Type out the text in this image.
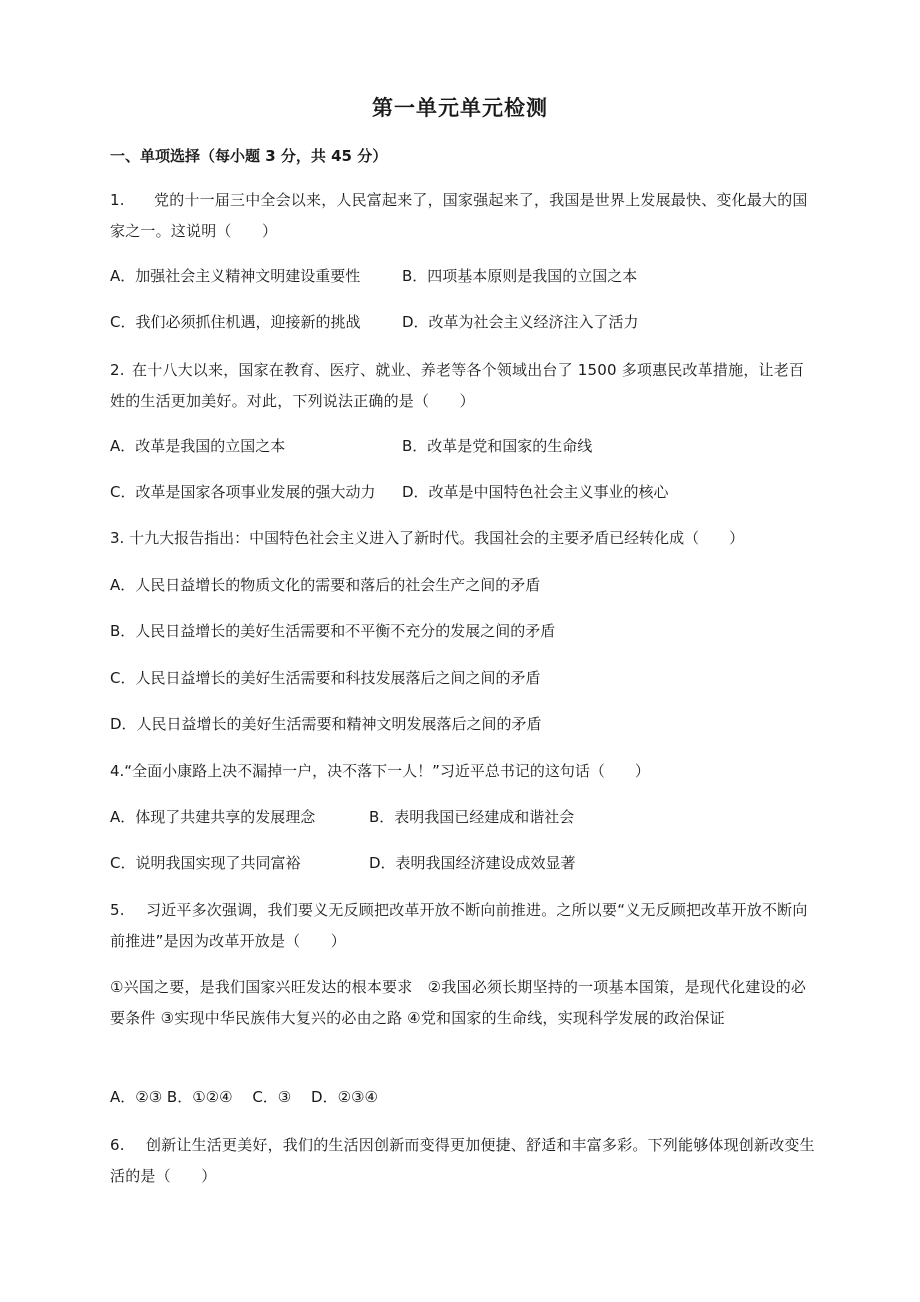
第一单元单元检测
一、单项选择（每小题 3 分，共 45 分）
1. 党的十一届三中全会以来，人民富起来了，国家强起来了，我国是世界上发展最快、变化最大的国家之一。这说明（　　）
A．加强社会主义精神文明建设重要性	B．四项基本原则是我国的立国之本
C．我们必须抓住机遇，迎接新的挑战	D．改革为社会主义经济注入了活力
2. 在十八大以来，国家在教育、医疗、就业、养老等各个领域出台了 1500 多项惠民改革措施，让老百姓的生活更加美好。对此，下列说法正确的是（　　）
A．改革是我国的立国之本	B．改革是党和国家的生命线
C．改革是国家各项事业发展的强大动力 D．改革是中国特色社会主义事业的核心
3. 十九大报告指出：中国特色社会主义进入了新时代。我国社会的主要矛盾已经转化成（　　）
A．人民日益增长的物质文化的需要和落后的社会生产之间的矛盾
B．人民日益增长的美好生活需要和不平衡不充分的发展之间的矛盾
C．人民日益增长的美好生活需要和科技发展落后之间之间的矛盾
D．人民日益增长的美好生活需要和精神文明发展落后之间的矛盾
4.“全面小康路上决不漏掉一户，决不落下一人！”习近平总书记的这句话（　　）
A．体现了共建共享的发展理念	B．表明我国已经建成和谐社会
C．说明我国实现了共同富裕	D．表明我国经济建设成效显著
5. 习近平多次强调，我们要义无反顾把改革开放不断向前推进。之所以要“义无反顾把改革开放不断向前推进”是因为改革开放是（　　）
①兴国之要，是我们国家兴旺发达的根本要求　②我国必须长期坚持的一项基本国策，是现代化建设的必要条件 ③实现中华民族伟大复兴的必由之路 ④党和国家的生命线，实现科学发展的政治保证
A．②③ B．①②④　 C．③　 D．②③④
6. 创新让生活更美好，我们的生活因创新而变得更加便捷、舒适和丰富多彩。下列能够体现创新改变生活的是（　　）
